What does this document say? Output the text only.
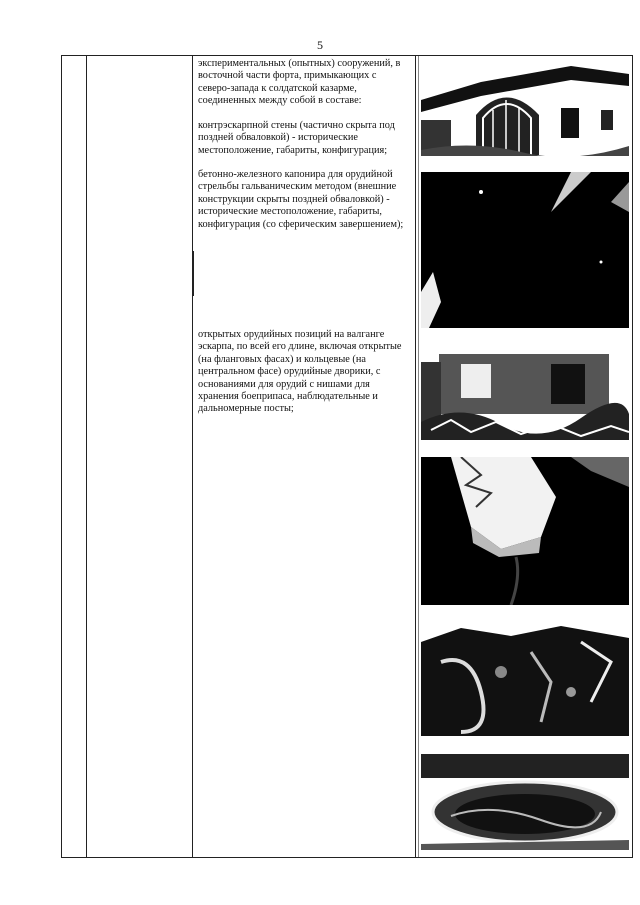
5
экспериментальных (опытных) сооружений, в восточной части форта, примыкающих с северо-запада к солдатской казарме, соединенных между собой в составе:
контрэскарпной стены (частично скрыта под поздней обваловкой) - исторические местоположение, габариты, конфигурация;
бетонно-железного капонира для орудийной стрельбы гальваническим методом (внешние конструкции скрыты поздней обваловкой) - исторические местоположение, габариты, конфигурация (со сферическим завершением);
открытых орудийных позиций на валганге эскарпа, по всей его длине, включая открытые (на фланговых фасах) и кольцевые (на центральном фасе) орудийные дворики, с основаниями для орудий с нишами для хранения боеприпаса, наблюдательные и дальномерные посты;
